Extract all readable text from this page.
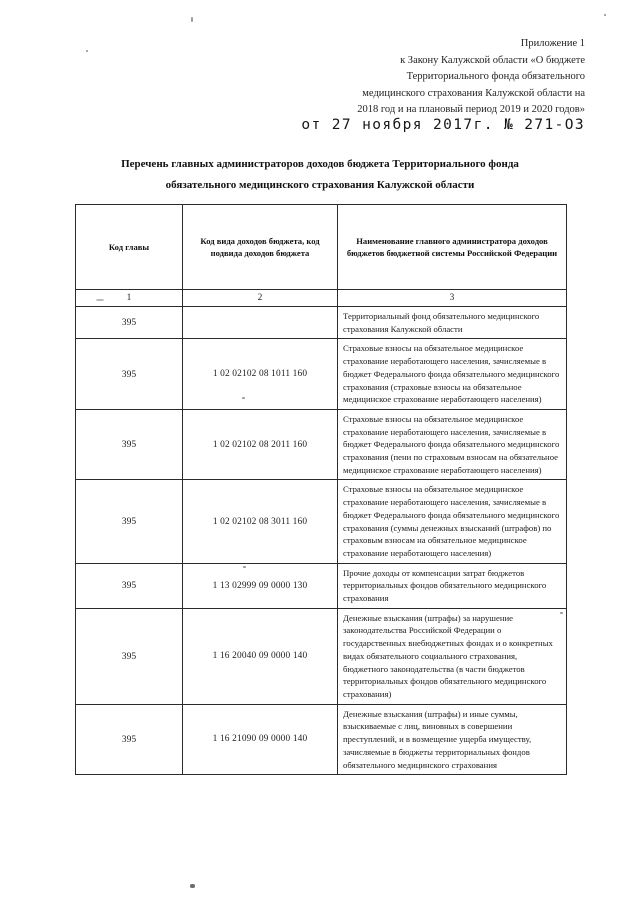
Приложение 1
к Закону Калужской области «О бюджете
Территориального фонда обязательного
медицинского страхования Калужской области на
2018 год и на плановый период 2019 и 2020 годов»
от 27 ноября 2017г. № 271-ОЗ
Перечень главных администраторов доходов бюджета Территориального фонда
обязательного медицинского страхования Калужской области
Код главы	Код вида доходов бюджета, код подвида доходов бюджета	Наименование главного администратора доходов бюджетов бюджетной системы Российской Федерации
1	2	3
395		Территориальный фонд обязательного медицинского страхования Калужской области
395	1 02 02102 08 1011 160	Страховые взносы на обязательное медицинское страхование неработающего населения, зачисляемые в бюджет Федерального фонда обязательного медицинского страхования (страховые взносы на обязательное медицинское страхование неработающего населения)
395	1 02 02102 08 2011 160	Страховые взносы на обязательное медицинское страхование неработающего населения, зачисляемые в бюджет Федерального фонда обязательного медицинского страхования (пени по страховым взносам на обязательное медицинское страхование неработающего населения)
395	1 02 02102 08 3011 160	Страховые взносы на обязательное медицинское страхование неработающего населения, зачисляемые в бюджет Федерального фонда обязательного медицинского страхования (суммы денежных взысканий (штрафов) по страховым взносам на обязательное медицинское страхование неработающего населения)
395	1 13 02999 09 0000 130	Прочие доходы от компенсации затрат бюджетов территориальных фондов обязательного медицинского страхования
395	1 16 20040 09 0000 140	Денежные взыскания (штрафы) за нарушение законодательства Российской Федерации о государственных внебюджетных фондах и о конкретных видах обязательного социального страхования, бюджетного законодательства (в части бюджетов территориальных фондов обязательного медицинского страхования)
395	1 16 21090 09 0000 140	Денежные взыскания (штрафы) и иные суммы, взыскиваемые с лиц, виновных в совершении преступлений, и в возмещение ущерба имуществу, зачисляемые в бюджеты территориальных фондов обязательного медицинского страхования
